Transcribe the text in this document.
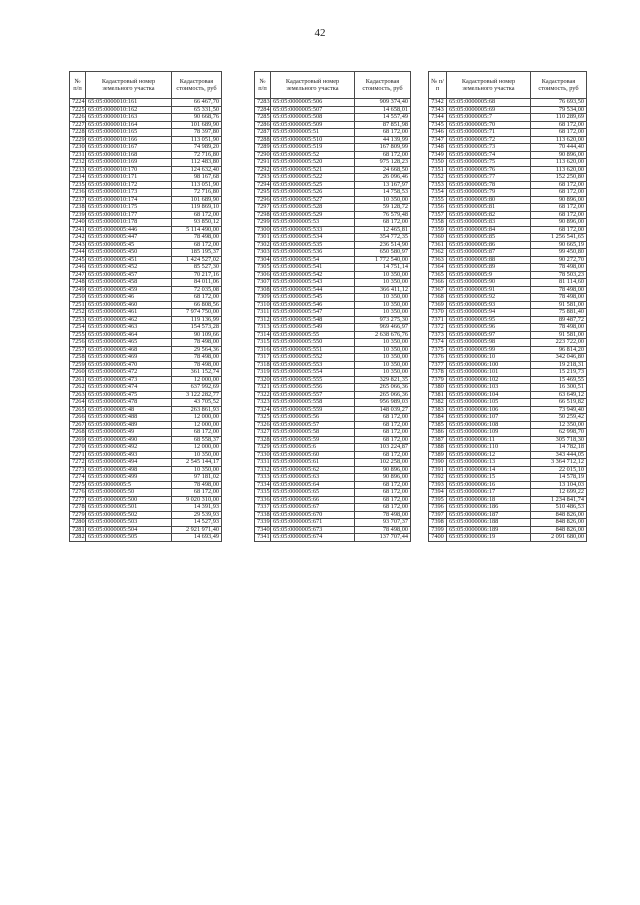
42
№ п/п	Кадастровый номер земельного участка	Кадастровая стоимость, руб
7224	65:05:0000010:161	66 467,70
7225	65:05:0000010:162	65 331,50
7226	65:05:0000010:163	90 668,76
7227	65:05:0000010:164	101 689,90
7228	65:05:0000010:165	78 397,80
7229	65:05:0000010:166	113 051,90
7230	65:05:0000010:167	74 989,20
7231	65:05:0000010:168	72 716,80
7232	65:05:0000010:169	112 483,80
7233	65:05:0000010:170	124 632,40
7234	65:05:0000010:171	98 167,68
7235	65:05:0000010:172	113 051,90
7236	65:05:0000010:173	72 716,80
7237	65:05:0000010:174	101 689,90
7238	65:05:0000010:175	119 869,10
7239	65:05:0000010:177	68 172,00
7240	65:05:0000010:178	93 850,12
7241	65:05:0000005:446	5 114 490,00
7242	65:05:0000005:447	78 498,00
7243	65:05:0000005:45	68 172,00
7244	65:05:0000005:450	185 195,37
7245	65:05:0000005:451	1 424 527,02
7246	65:05:0000005:452	85 527,30
7247	65:05:0000005:457	70 217,16
7248	65:05:0000005:458	84 011,06
7249	65:05:0000005:459	72 035,08
7250	65:05:0000005:46	68 172,00
7251	65:05:0000005:460	66 808,56
7252	65:05:0000005:461	7 974 750,00
7253	65:05:0000005:462	119 136,99
7254	65:05:0000005:463	154 573,28
7255	65:05:0000005:464	90 109,66
7256	65:05:0000005:465	78 498,00
7257	65:05:0000005:468	29 564,36
7258	65:05:0000005:469	78 498,00
7259	65:05:0000005:470	78 498,00
7260	65:05:0000005:472	361 152,74
7261	65:05:0000005:473	12 000,00
7262	65:05:0000005:474	637 992,69
7263	65:05:0000005:475	3 122 282,77
7264	65:05:0000005:478	43 705,52
7265	65:05:0000005:48	263 861,93
7266	65:05:0000005:488	12 000,00
7267	65:05:0000005:489	12 000,00
7268	65:05:0000005:49	68 172,00
7269	65:05:0000005:490	68 558,37
7270	65:05:0000005:492	12 000,00
7271	65:05:0000005:493	10 350,00
7272	65:05:0000005:494	2 545 144,17
7273	65:05:0000005:498	10 350,00
7274	65:05:0000005:499	97 181,02
7275	65:05:0000005:5	78 498,00
7276	65:05:0000005:50	68 172,00
7277	65:05:0000005:500	9 020 310,00
7278	65:05:0000005:501	14 391,93
7279	65:05:0000005:502	29 539,93
7280	65:05:0000005:503	14 527,93
7281	65:05:0000005:504	2 921 971,40
7282	65:05:0000005:505	14 693,49
№ п/п	Кадастровый номер земельного участка	Кадастровая стоимость, руб
7283	65:05:0000005:506	909 374,40
7284	65:05:0000005:507	14 658,01
7285	65:05:0000005:508	14 557,49
7286	65:05:0000005:509	87 851,98
7287	65:05:0000005:51	68 172,00
7288	65:05:0000005:510	44 139,99
7289	65:05:0000005:519	167 809,99
7290	65:05:0000005:52	68 172,00
7291	65:05:0000005:520	975 128,23
7292	65:05:0000005:521	24 668,50
7293	65:05:0000005:522	26 096,46
7294	65:05:0000005:525	13 167,97
7295	65:05:0000005:526	14 758,53
7296	65:05:0000005:527	10 350,00
7297	65:05:0000005:528	59 128,72
7298	65:05:0000005:529	76 579,48
7299	65:05:0000005:53	68 172,00
7300	65:05:0000005:533	12 465,81
7301	65:05:0000005:534	354 772,35
7302	65:05:0000005:535	236 514,90
7303	65:05:0000005:536	650 580,97
7304	65:05:0000005:54	1 772 540,00
7305	65:05:0000005:541	14 751,14
7306	65:05:0000005:542	10 350,00
7307	65:05:0000005:543	10 350,00
7308	65:05:0000005:544	366 411,12
7309	65:05:0000005:545	10 350,00
7310	65:05:0000005:546	10 350,00
7311	65:05:0000005:547	10 350,00
7312	65:05:0000005:548	973 275,30
7313	65:05:0000005:549	969 466,97
7314	65:05:0000005:55	2 638 676,76
7315	65:05:0000005:550	10 350,00
7316	65:05:0000005:551	10 350,00
7317	65:05:0000005:552	10 350,00
7318	65:05:0000005:553	10 350,00
7319	65:05:0000005:554	10 350,00
7320	65:05:0000005:555	329 821,35
7321	65:05:0000005:556	265 066,36
7322	65:05:0000005:557	265 066,36
7323	65:05:0000005:558	956 989,03
7324	65:05:0000005:559	148 039,27
7325	65:05:0000005:56	68 172,00
7326	65:05:0000005:57	68 172,00
7327	65:05:0000005:58	68 172,00
7328	65:05:0000005:59	68 172,00
7329	65:05:0000005:6	103 224,87
7330	65:05:0000005:60	68 172,00
7331	65:05:0000005:61	102 258,00
7332	65:05:0000005:62	90 896,00
7333	65:05:0000005:63	90 896,00
7334	65:05:0000005:64	68 172,00
7335	65:05:0000005:65	68 172,00
7336	65:05:0000005:66	68 172,00
7337	65:05:0000005:67	68 172,00
7338	65:05:0000005:670	78 498,00
7339	65:05:0000005:671	93 707,37
7340	65:05:0000005:673	78 498,00
7341	65:05:0000005:674	137 707,44
№ п/п	Кадастровый номер земельного участка	Кадастровая стоимость, руб
7342	65:05:0000005:68	76 693,50
7343	65:05:0000005:69	79 534,00
7344	65:05:0000005:7	110 289,69
7345	65:05:0000005:70	68 172,00
7346	65:05:0000005:71	68 172,00
7347	65:05:0000005:72	113 620,00
7348	65:05:0000005:73	70 444,40
7349	65:05:0000005:74	90 896,00
7350	65:05:0000005:75	113 620,00
7351	65:05:0000005:76	113 620,00
7352	65:05:0000005:77	152 250,80
7353	65:05:0000005:78	68 172,00
7354	65:05:0000005:79	68 172,00
7355	65:05:0000005:80	90 896,00
7356	65:05:0000005:81	68 172,00
7357	65:05:0000005:82	68 172,00
7358	65:05:0000005:83	90 896,00
7359	65:05:0000005:84	68 172,00
7360	65:05:0000005:85	1 256 541,65
7361	65:05:0000005:86	90 665,19
7362	65:05:0000005:87	99 450,80
7363	65:05:0000005:88	90 272,70
7364	65:05:0000005:89	78 498,00
7365	65:05:0000005:9	78 503,23
7366	65:05:0000005:90	81 114,60
7367	65:05:0000005:91	78 498,00
7368	65:05:0000005:92	78 498,00
7369	65:05:0000005:93	91 581,00
7370	65:05:0000005:94	75 881,40
7371	65:05:0000005:95	89 487,72
7372	65:05:0000005:96	78 498,00
7373	65:05:0000005:97	91 581,00
7374	65:05:0000005:98	223 722,00
7375	65:05:0000005:99	96 814,20
7376	65:05:0000006:10	342 046,80
7377	65:05:0000006:100	19 218,31
7378	65:05:0000006:101	15 219,73
7379	65:05:0000006:102	15 469,55
7380	65:05:0000006:103	16 300,51
7381	65:05:0000006:104	63 649,12
7382	65:05:0000006:105	66 519,82
7383	65:05:0000006:106	73 949,40
7384	65:05:0000006:107	50 259,42
7385	65:05:0000006:108	12 350,00
7386	65:05:0000006:109	62 998,70
7387	65:05:0000006:11	305 718,30
7388	65:05:0000006:110	14 782,18
7389	65:05:0000006:12	343 444,05
7390	65:05:0000006:13	3 364 712,12
7391	65:05:0000006:14	22 015,10
7392	65:05:0000006:15	14 578,19
7393	65:05:0000006:16	13 104,03
7394	65:05:0000006:17	12 699,22
7395	65:05:0000006:18	1 234 841,74
7396	65:05:0000006:186	510 486,53
7397	65:05:0000006:187	848 826,00
7398	65:05:0000006:188	848 826,00
7399	65:05:0000006:189	848 826,00
7400	65:05:0000006:19	2 091 680,00
